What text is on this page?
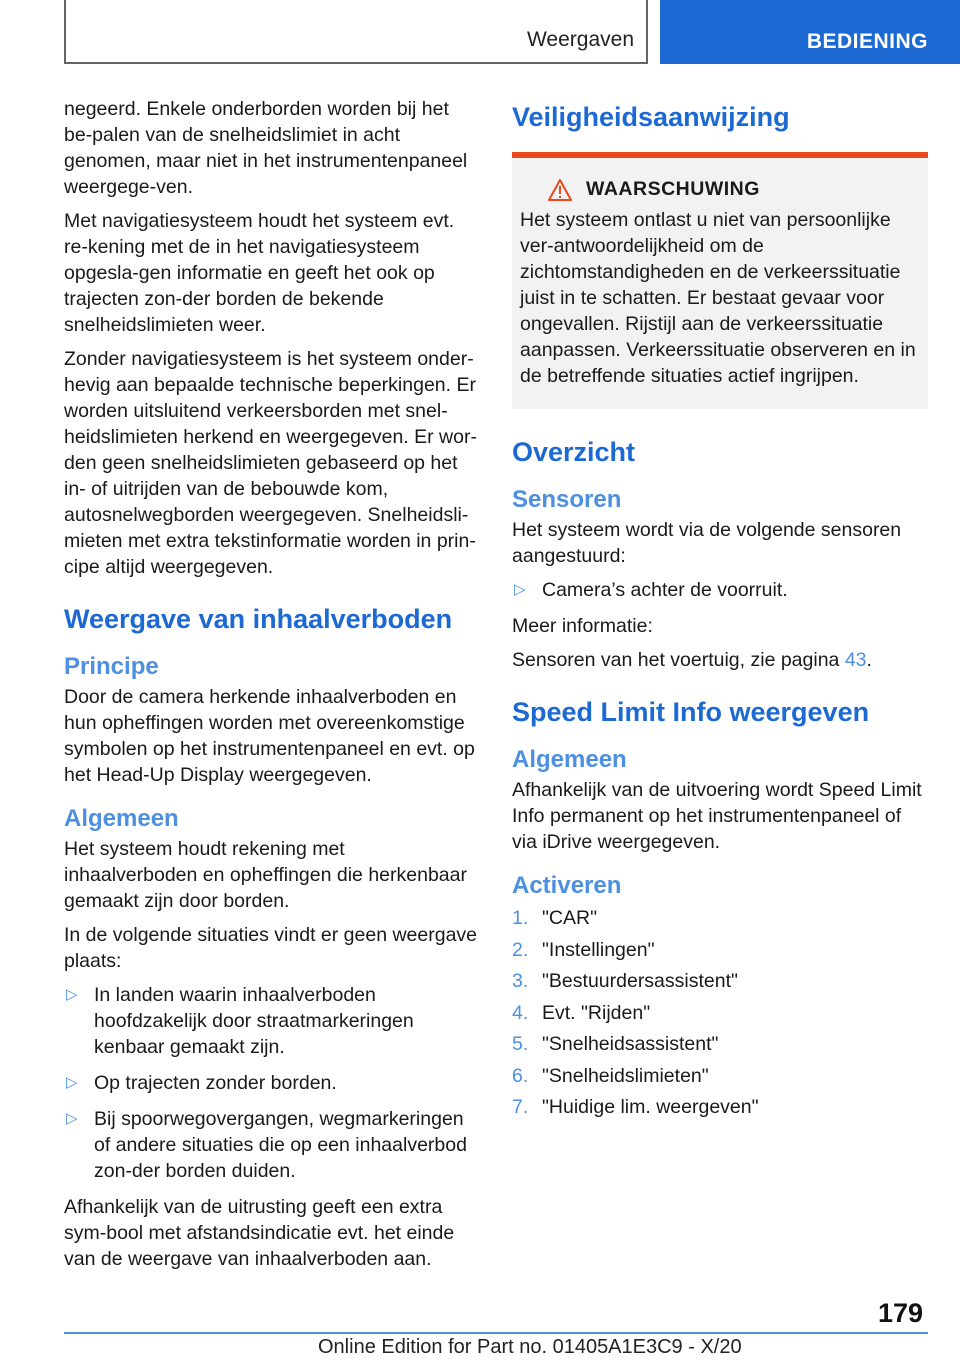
Weergaven	BEDIENING

negeerd. Enkele onderborden worden bij het be-palen van de snelheidslimiet in acht genomen, maar niet in het instrumentenpaneel weergege-ven.

Met navigatiesysteem houdt het systeem evt. re-kening met de in het navigatiesysteem opgesla-gen informatie en geeft het ook op trajecten zon-der borden de bekende snelheidslimieten weer.

Zonder navigatiesysteem is het systeem onder-hevig aan bepaalde technische beperkingen. Er worden uitsluitend verkeersborden met snel-heidslimieten herkend en weergegeven. Er wor-den geen snelheidslimieten gebaseerd op het in- of uitrijden van de bebouwde kom, autosnelwegborden weergegeven. Snelheidsli-mieten met extra tekstinformatie worden in prin-cipe altijd weergegeven.

Weergave van inhaalverboden
Principe

Door de camera herkende inhaalverboden en hun opheffingen worden met overeenkomstige symbolen op het instrumentenpaneel en evt. op het Head-Up Display weergegeven.

Algemeen

Het systeem houdt rekening met inhaalverboden en opheffingen die herkenbaar gemaakt zijn door borden.

In de volgende situaties vindt er geen weergave plaats:

▷ In landen waarin inhaalverboden hoofdzakelijk door straatmarkeringen kenbaar gemaakt zijn.
▷ Op trajecten zonder borden.
▷ Bij spoorwegovergangen, wegmarkeringen of andere situaties die op een inhaalverbod zon-der borden duiden.

Afhankelijk van de uitrusting geeft een extra sym-bool met afstandsindicatie evt. het einde van de weergave van inhaalverboden aan.

Veiligheidsaanwijzing
WAARSCHUWING

Het systeem ontlast u niet van persoonlijke ver-antwoordelijkheid om de zichtomstandigheden en de verkeerssituatie juist in te schatten. Er bestaat gevaar voor ongevallen. Rijstijl aan de verkeerssituatie aanpassen. Verkeerssituatie observeren en in de betreffende situaties actief ingrijpen.

Overzicht
Sensoren

Het systeem wordt via de volgende sensoren aangestuurd:

▷ Camera’s achter de voorruit.

Meer informatie:

Sensoren van het voertuig, zie pagina 43.

Speed Limit Info weergeven
Algemeen

Afhankelijk van de uitvoering wordt Speed Limit Info permanent op het instrumentenpaneel of via iDrive weergegeven.

Activeren
1. "CAR"
2. "Instellingen"
3. "Bestuurdersassistent"
4. Evt. "Rijden"
5. "Snelheidsassistent"
6. "Snelheidslimieten"
7. "Huidige lim. weergeven"
179
Online Edition for Part no. 01405A1E3C9 - X/20
